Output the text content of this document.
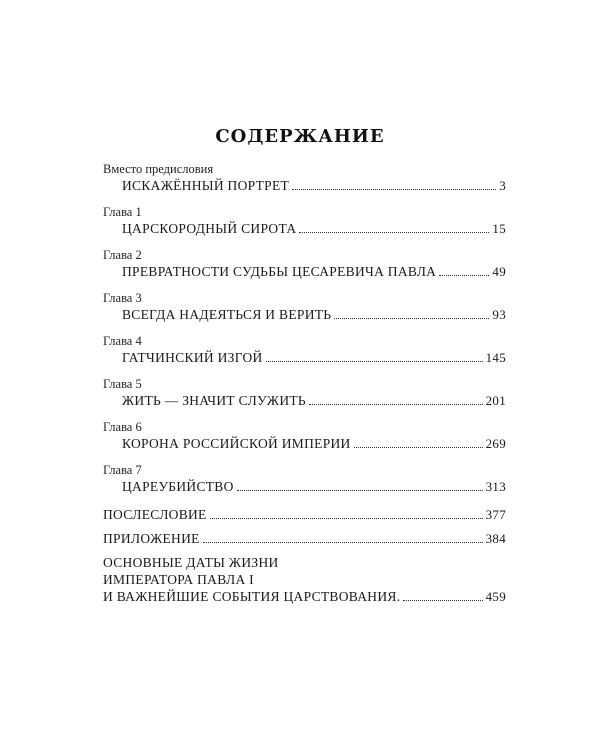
СОДЕРЖАНИЕ
Вместо предисловия
ИСКАЖЁННЫЙ ПОРТРЕТ	3
Глава 1
ЦАРСКОРОДНЫЙ СИРОТА	15
Глава 2
ПРЕВРАТНОСТИ СУДЬБЫ ЦЕСАРЕВИЧА ПАВЛА	49
Глава 3
ВСЕГДА НАДЕЯТЬСЯ И ВЕРИТЬ	93
Глава 4
ГАТЧИНСКИЙ ИЗГОЙ	145
Глава 5
ЖИТЬ — ЗНАЧИТ СЛУЖИТЬ	201
Глава 6
КОРОНА РОССИЙСКОЙ ИМПЕРИИ	269
Глава 7
ЦАРЕУБИЙСТВО	313
ПОСЛЕСЛОВИЕ	377
ПРИЛОЖЕНИЕ	384
ОСНОВНЫЕ ДАТЫ ЖИЗНИ
ИМПЕРАТОРА ПАВЛА I
И ВАЖНЕЙШИЕ СОБЫТИЯ ЦАРСТВОВАНИЯ.	459
